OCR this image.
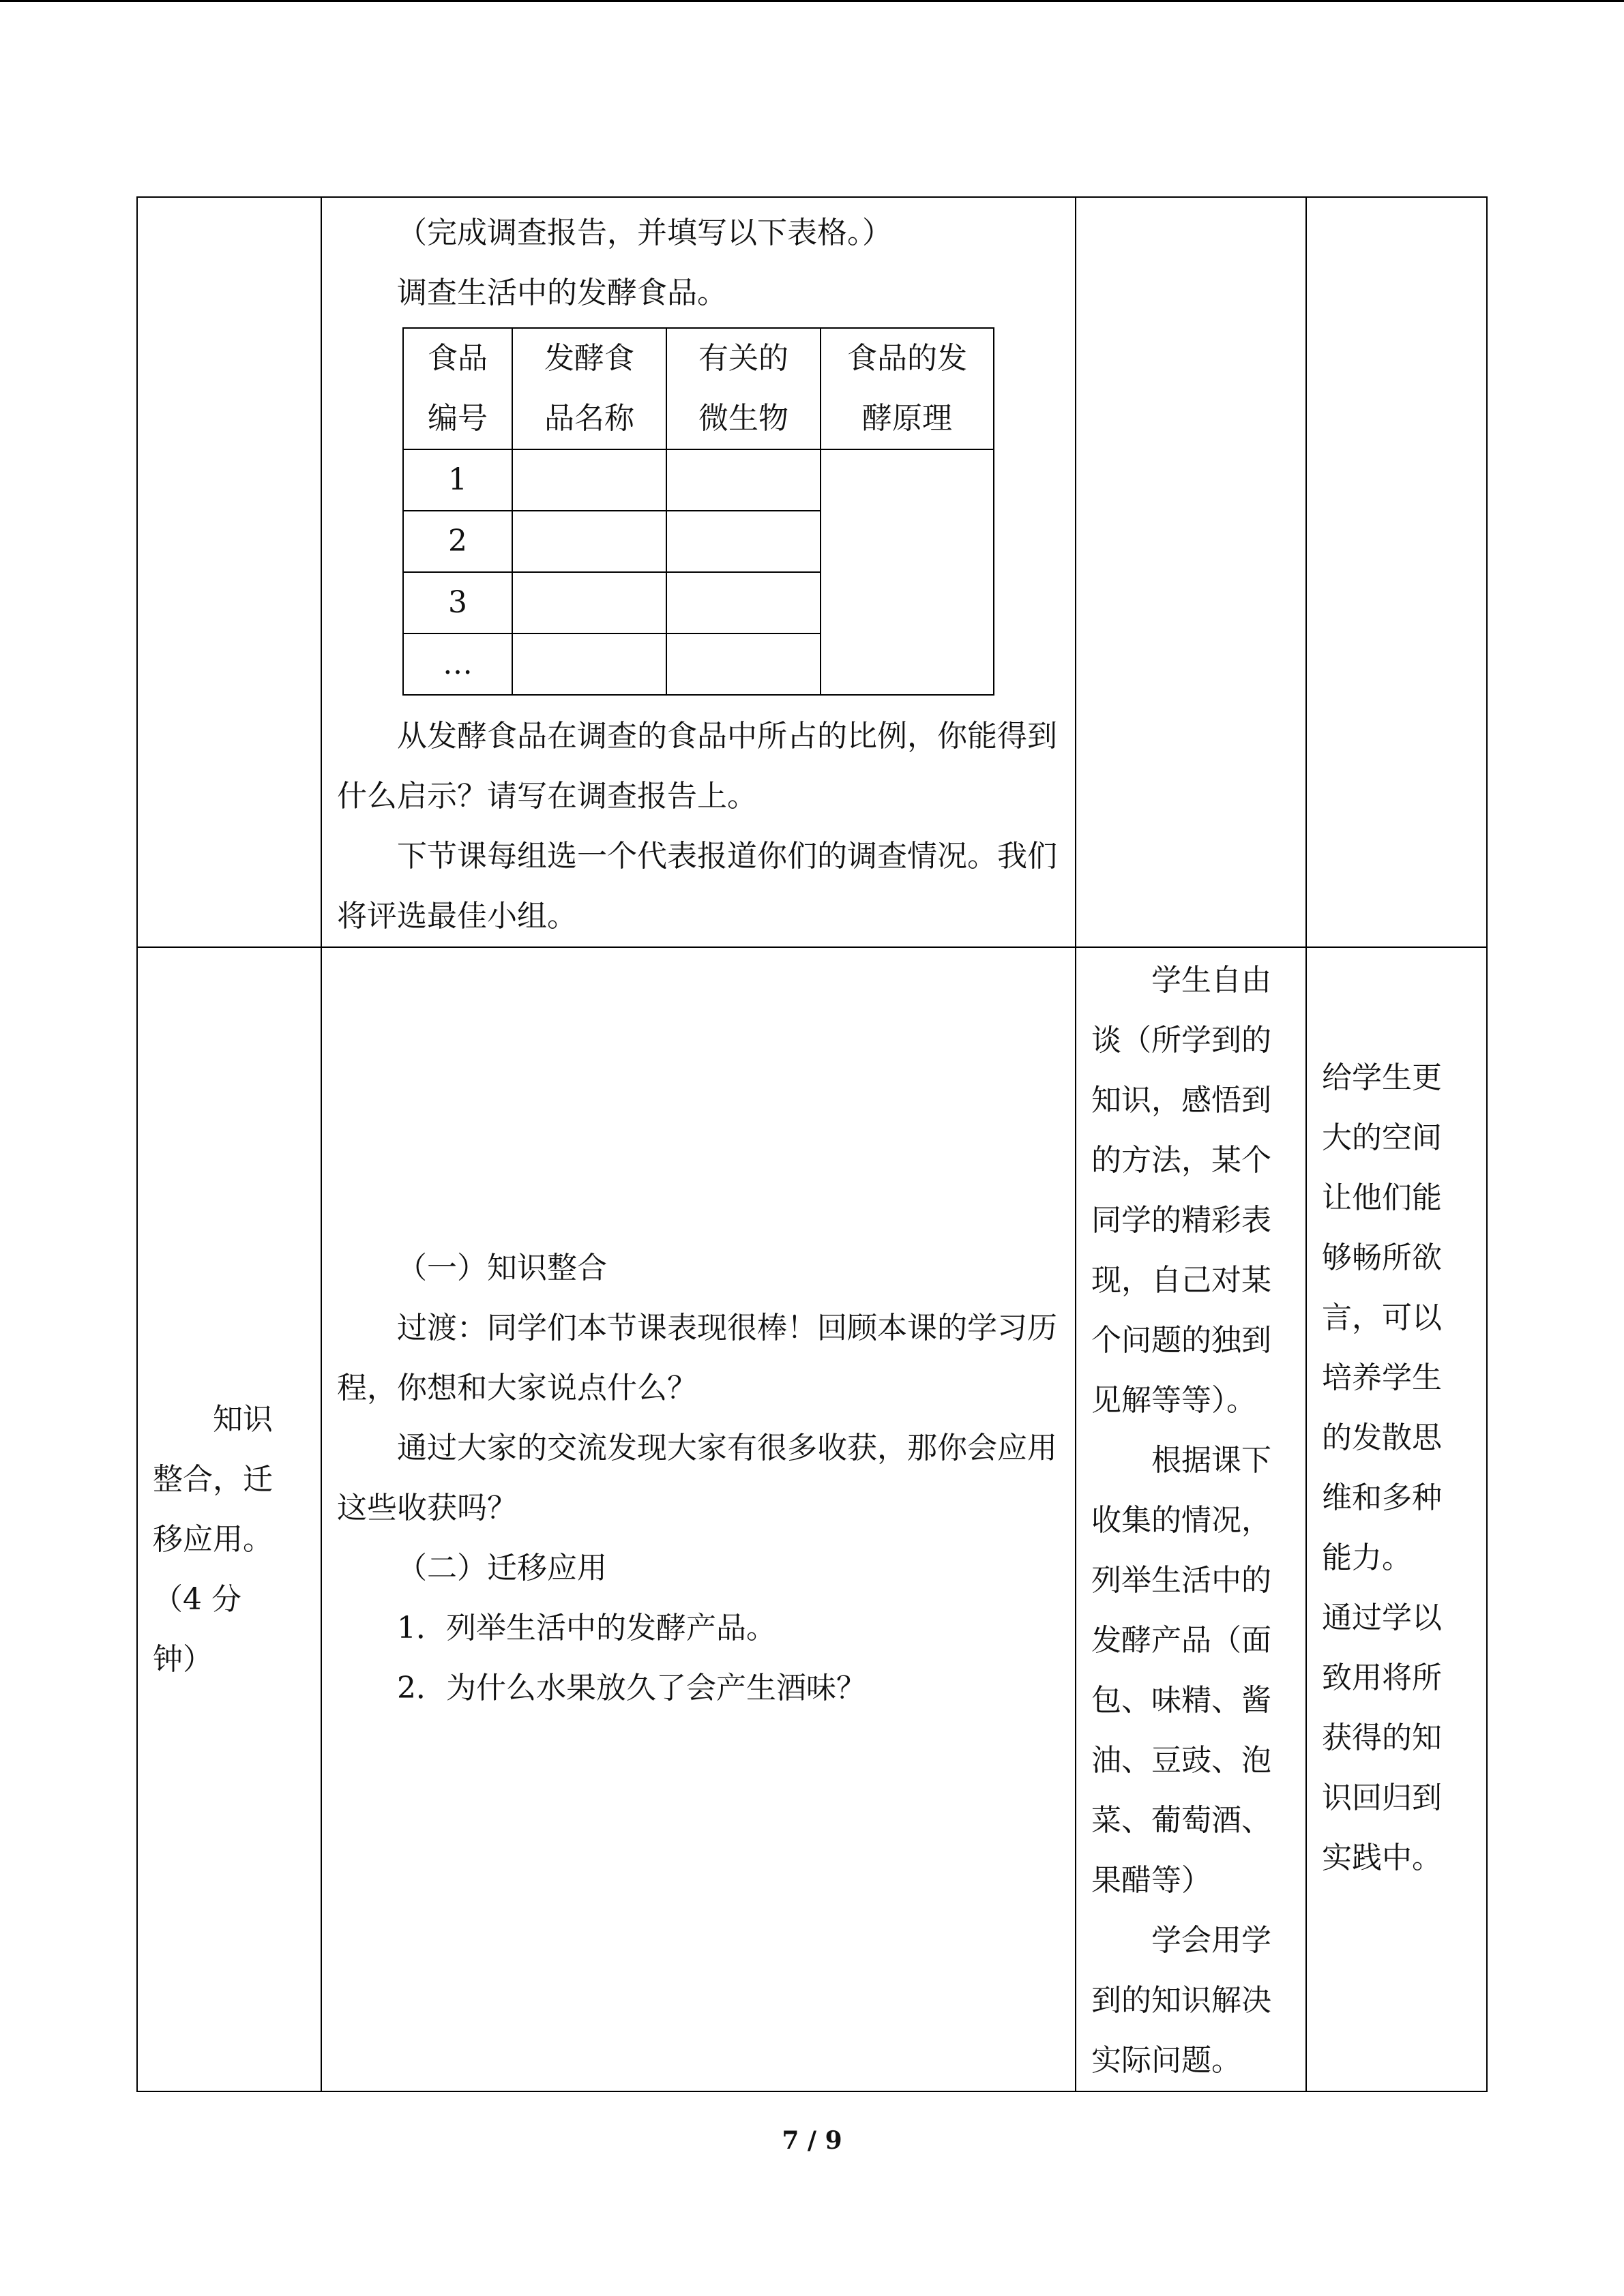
（完成调查报告，并填写以下表格。）

调查生活中的发酵食品。

食品
编号	发酵食
品名称	有关的
微生物	食品的发
酵原理
1			
2		
3		
…		

从发酵食品在调查的食品中所占的比例，你能得到什么启示？请写在调查报告上。

下节课每组选一个代表报道你们的调查情况。我们将评选最佳小组。

知识

整合，迁

移应用。

（4 分

钟）

（一）知识整合

过渡：同学们本节课表现很棒！回顾本课的学习历程，你想和大家说点什么？

通过大家的交流发现大家有很多收获，那你会应用这些收获吗？

（二）迁移应用

1．列举生活中的发酵产品。

2．为什么水果放久了会产生酒味？

学生自由

谈（所学到的

知识，感悟到

的方法，某个

同学的精彩表

现，自己对某

个问题的独到

见解等等）。

根据课下

收集的情况，

列举生活中的

发酵产品（面

包、味精、酱

油、豆豉、泡

菜、葡萄酒、

果醋等）

学会用学

到的知识解决

实际问题。

给学生更

大的空间

让他们能

够畅所欲

言，可以

培养学生

的发散思

维和多种

能力。

通过学以

致用将所

获得的知

识回归到

实践中。

7 / 9
